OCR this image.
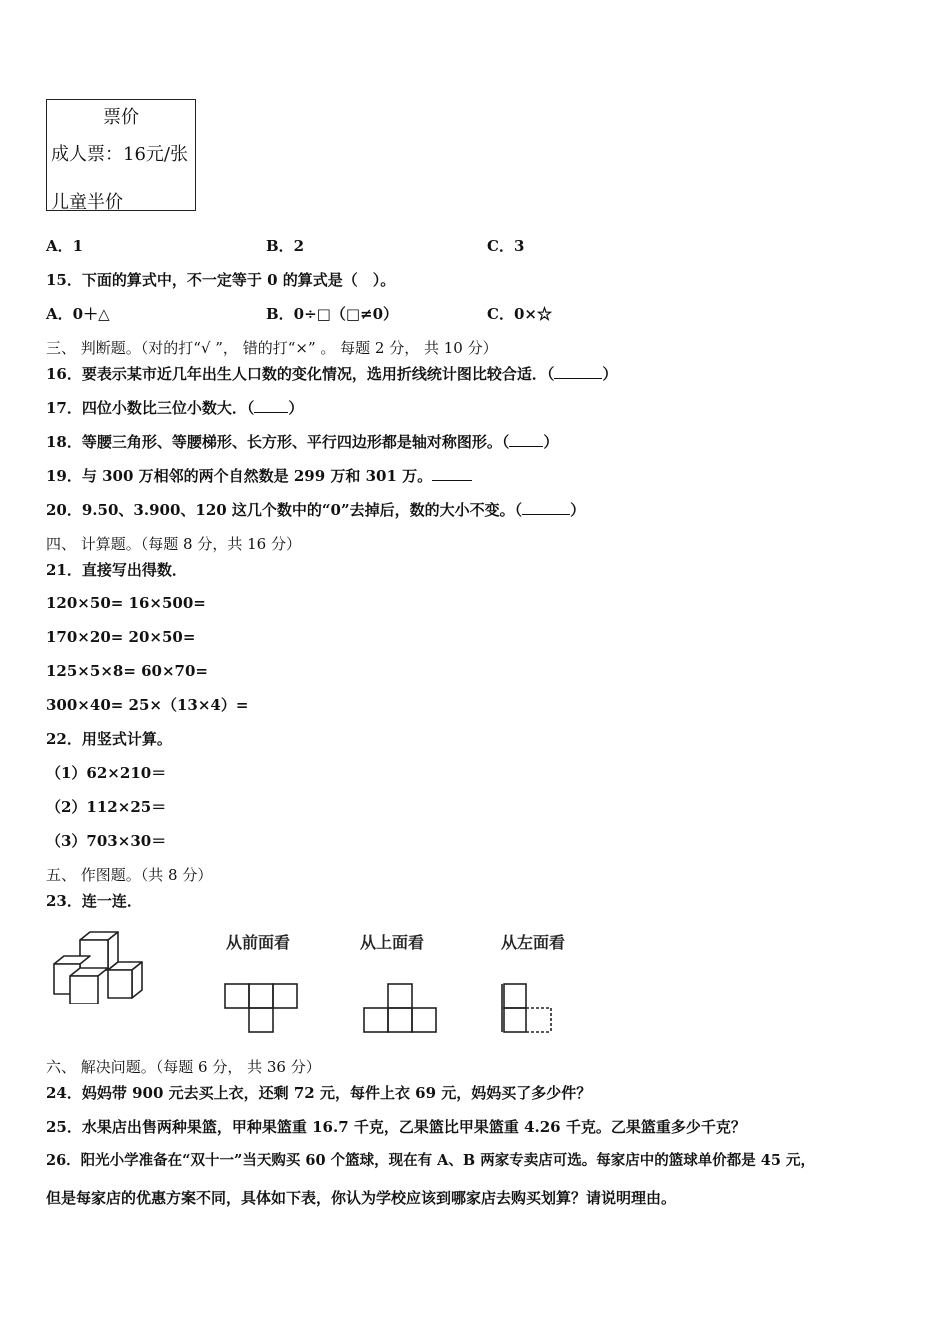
票价
成人票：16元/张
儿童半价
A．1	B．2	C．3
15．下面的算式中，不一定等于 0 的算式是（　）。
A．0＋△	B．0÷□（□≠0）	C．0×☆
三、 判断题。（对的打“√ ”， 错的打“×” 。 每题 2 分， 共 10 分）
16．要表示某市近几年出生人口数的变化情况，选用折线统计图比较合适．（	）
17．四位小数比三位小数大．（ ）
18．等腰三角形、等腰梯形、长方形、平行四边形都是轴对称图形。（ ）
19．与 300 万相邻的两个自然数是 299 万和 301 万。
20．9.50、3.900、120 这几个数中的“0”去掉后，数的大小不变。（	）
四、 计算题。（每题 8 分，共 16 分）
21．直接写出得数．
120×50= 16×500=
170×20= 20×50=
125×5×8= 60×70=
300×40= 25×（13×4）=
22．用竖式计算。
（1）62×210＝
（2）112×25＝
（3）703×30＝
五、 作图题。（共 8 分）
23．连一连．
从前面看	从上面看	从左面看
六、 解决问题。（每题 6 分， 共 36 分）
24．妈妈带 900 元去买上衣，还剩 72 元，每件上衣 69 元，妈妈买了多少件？
25．水果店出售两种果篮，甲种果篮重 16.7 千克，乙果篮比甲果篮重 4.26 千克。乙果篮重多少千克？
26．阳光小学准备在“双十一”当天购买 60 个篮球，现在有 A、B 两家专卖店可选。每家店中的篮球单价都是 45 元，
但是每家店的优惠方案不同，具体如下表，你认为学校应该到哪家店去购买划算？请说明理由。
